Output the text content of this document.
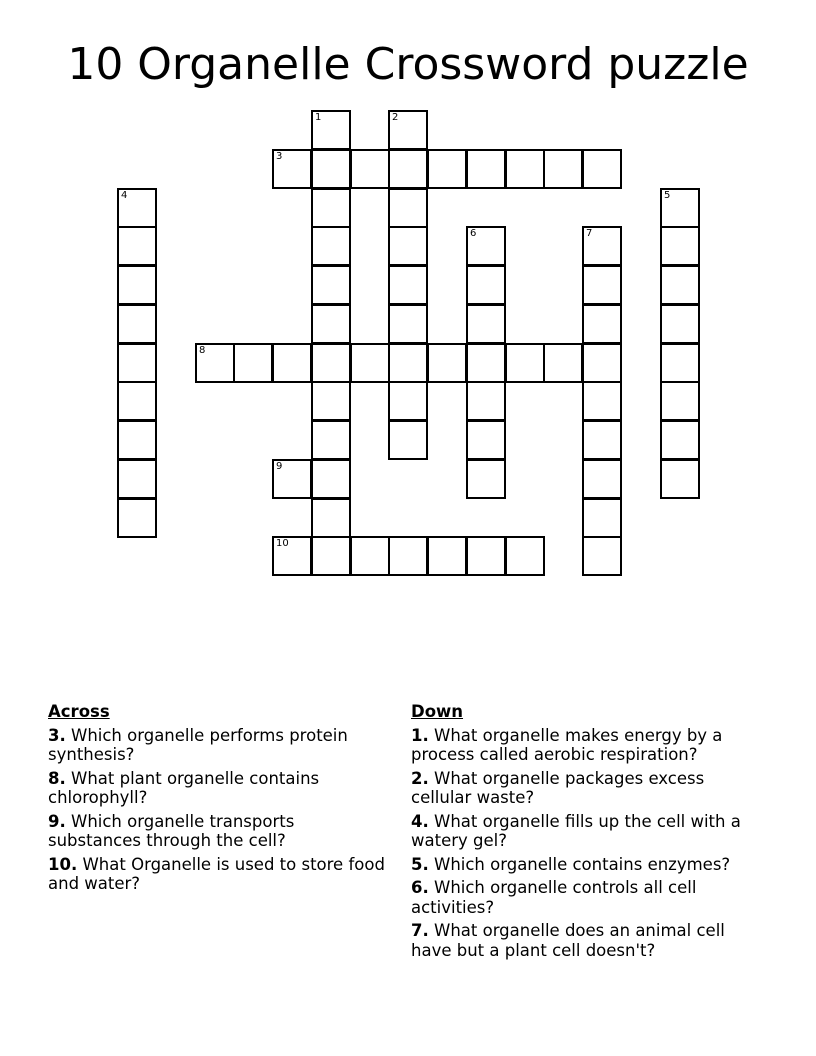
10 Organelle Crossword puzzle
1	2
3
4	5
6	7
8
9
10
Across
3. Which organelle performs protein synthesis?
8. What plant organelle contains chlorophyll?
9. Which organelle transports substances through the cell?
10. What Organelle is used to store food and water?
Down
1. What organelle makes energy by a process called aerobic respiration?
2. What organelle packages excess cellular waste?
4. What organelle fills up the cell with a watery gel?
5. Which organelle contains enzymes?
6. Which organelle controls all cell activities?
7. What organelle does an animal cell have but a plant cell doesn't?
